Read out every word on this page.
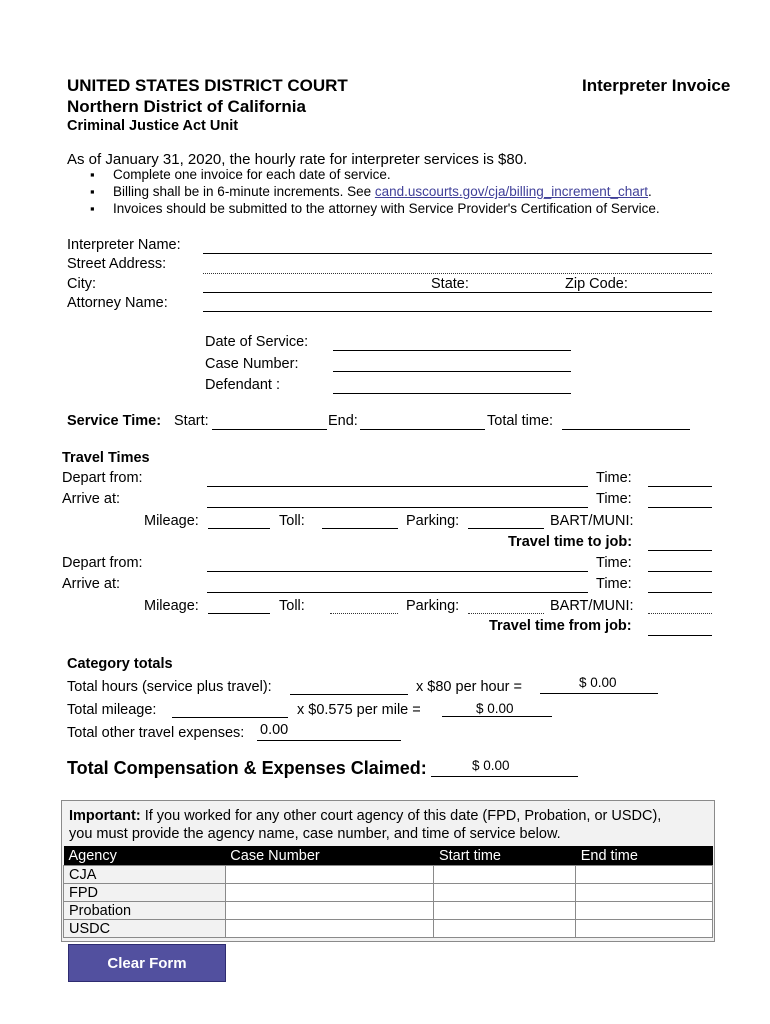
UNITED STATES DISTRICT COURT
Northern District of California
Criminal Justice Act Unit
Interpreter Invoice
As of January 31, 2020, the hourly rate for interpreter services is $80.
▪ Complete one invoice for each date of service.
▪ Billing shall be in 6-minute increments. See cand.uscourts.gov/cja/billing_increment_chart.
▪ Invoices should be submitted to the attorney with Service Provider's Certification of Service.
Interpreter Name:
Street Address:
City:	State:	Zip Code:
Attorney Name:
Date of Service:
Case Number:
Defendant :
Service Time: Start:	End:	Total time:
Travel Times
Depart from:	Time:
Arrive at:	Time:
Mileage:	Toll:	Parking:	BART/MUNI:
Travel time to job:
Depart from:	Time:
Arrive at:	Time:
Mileage:	Toll:	Parking:	BART/MUNI:
Travel time from job:
Category totals
Total hours (service plus travel):	x $80 per hour =	$ 0.00
Total mileage:	x $0.575 per mile =	$ 0.00
Total other travel expenses: 0.00
Total Compensation & Expenses Claimed:	$ 0.00
Important: If you worked for any other court agency of this date (FPD, Probation, or USDC),
you must provide the agency name, case number, and time of service below.
Agency	Case Number	Start time	End time
CJA			
FPD			
Probation			
USDC			
Clear Form
